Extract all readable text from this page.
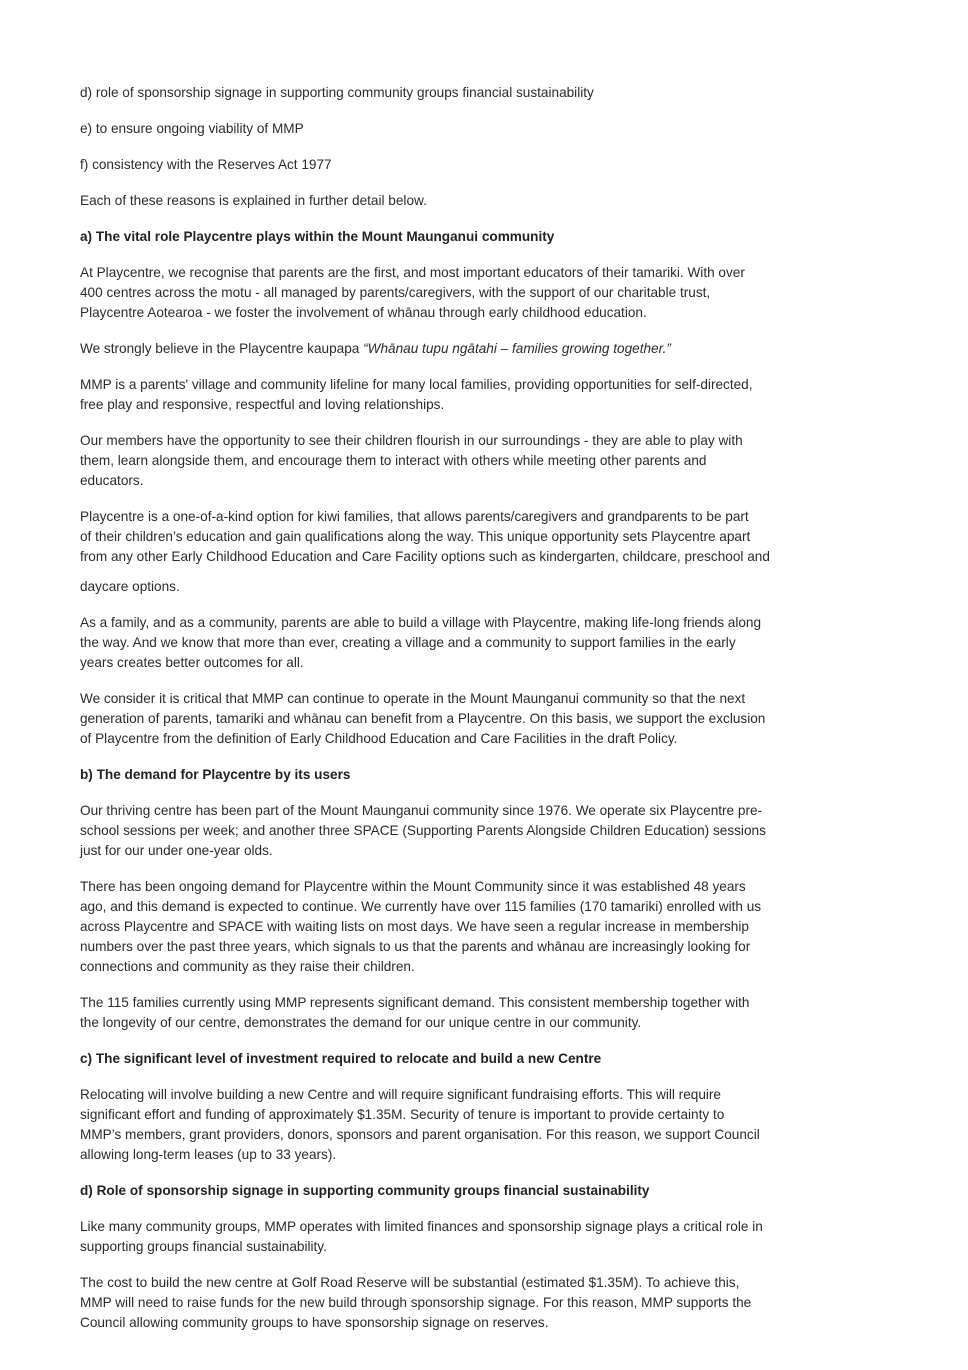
d) role of sponsorship signage in supporting community groups financial sustainability

e) to ensure ongoing viability of MMP

f) consistency with the Reserves Act 1977

Each of these reasons is explained in further detail below.

a) The vital role Playcentre plays within the Mount Maunganui community

At Playcentre, we recognise that parents are the first, and most important educators of their tamariki. With over
400 centres across the motu - all managed by parents/caregivers, with the support of our charitable trust,
Playcentre Aotearoa - we foster the involvement of whānau through early childhood education.

We strongly believe in the Playcentre kaupapa “Whānau tupu ngātahi – families growing together.”

MMP is a parents' village and community lifeline for many local families, providing opportunities for self-directed,
free play and responsive, respectful and loving relationships.

Our members have the opportunity to see their children flourish in our surroundings - they are able to play with
them, learn alongside them, and encourage them to interact with others while meeting other parents and
educators.

Playcentre is a one-of-a-kind option for kiwi families, that allows parents/caregivers and grandparents to be part
of their children’s education and gain qualifications along the way. This unique opportunity sets Playcentre apart
from any other Early Childhood Education and Care Facility options such as kindergarten, childcare, preschool and
daycare options.

As a family, and as a community, parents are able to build a village with Playcentre, making life-long friends along
the way. And we know that more than ever, creating a village and a community to support families in the early
years creates better outcomes for all.

We consider it is critical that MMP can continue to operate in the Mount Maunganui community so that the next
generation of parents, tamariki and whānau can benefit from a Playcentre. On this basis, we support the exclusion
of Playcentre from the definition of Early Childhood Education and Care Facilities in the draft Policy.

b) The demand for Playcentre by its users

Our thriving centre has been part of the Mount Maunganui community since 1976. We operate six Playcentre pre-
school sessions per week; and another three SPACE (Supporting Parents Alongside Children Education) sessions
just for our under one-year olds.

There has been ongoing demand for Playcentre within the Mount Community since it was established 48 years
ago, and this demand is expected to continue. We currently have over 115 families (170 tamariki) enrolled with us
across Playcentre and SPACE with waiting lists on most days. We have seen a regular increase in membership
numbers over the past three years, which signals to us that the parents and whānau are increasingly looking for
connections and community as they raise their children.

The 115 families currently using MMP represents significant demand. This consistent membership together with
the longevity of our centre, demonstrates the demand for our unique centre in our community.

c) The significant level of investment required to relocate and build a new Centre

Relocating will involve building a new Centre and will require significant fundraising efforts. This will require
significant effort and funding of approximately $1.35M. Security of tenure is important to provide certainty to
MMP’s members, grant providers, donors, sponsors and parent organisation. For this reason, we support Council
allowing long-term leases (up to 33 years).

d) Role of sponsorship signage in supporting community groups financial sustainability

Like many community groups, MMP operates with limited finances and sponsorship signage plays a critical role in
supporting groups financial sustainability.

The cost to build the new centre at Golf Road Reserve will be substantial (estimated $1.35M). To achieve this,
MMP will need to raise funds for the new build through sponsorship signage. For this reason, MMP supports the
Council allowing community groups to have sponsorship signage on reserves.
